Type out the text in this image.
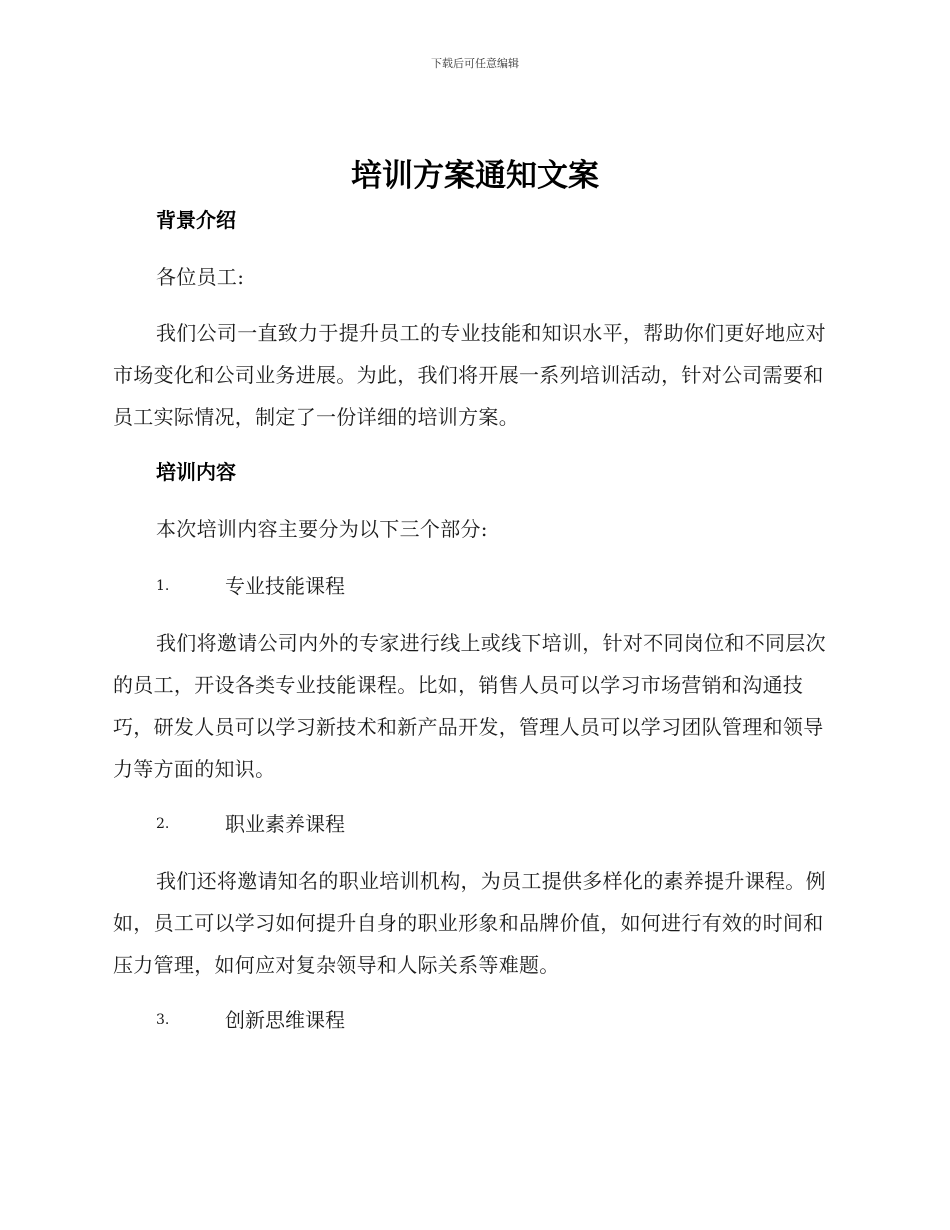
下载后可任意编辑
培训方案通知文案

背景介绍

各位员工:

我们公司一直致力于提升员工的专业技能和知识水平，帮助你们更好地应对市场变化和公司业务进展。为此，我们将开展一系列培训活动，针对公司需要和员工实际情况，制定了一份详细的培训方案。

培训内容

本次培训内容主要分为以下三个部分:

1.	专业技能课程

我们将邀请公司内外的专家进行线上或线下培训，针对不同岗位和不同层次的员工，开设各类专业技能课程。比如，销售人员可以学习市场营销和沟通技巧，研发人员可以学习新技术和新产品开发，管理人员可以学习团队管理和领导力等方面的知识。

2.	职业素养课程

我们还将邀请知名的职业培训机构，为员工提供多样化的素养提升课程。例如，员工可以学习如何提升自身的职业形象和品牌价值，如何进行有效的时间和压力管理，如何应对复杂领导和人际关系等难题。

3.	创新思维课程
